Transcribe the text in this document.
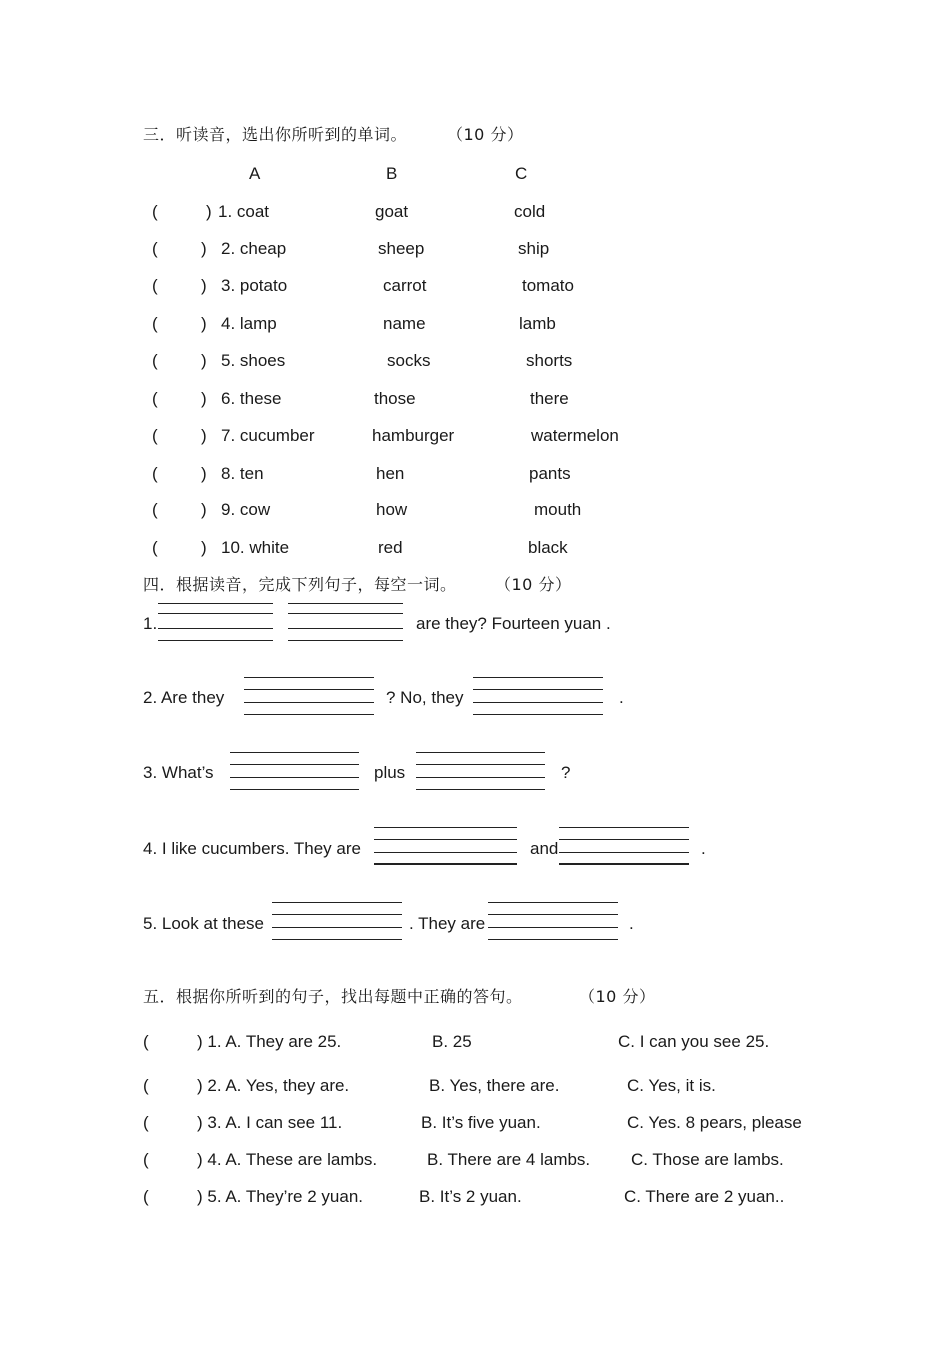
三．听读音，选出你所听到的单词。 （10 分）
A	B	C
(	) 1. coat	goat	cold
(	) 2. cheap	sheep	ship
(	) 3. potato	carrot	tomato
(	) 4. lamp	name	lamb
(	) 5. shoes	socks	shorts
(	) 6. these	those	there
(	) 7. cucumber	hamburger	watermelon
(	) 8. ten	hen	pants
(	) 9. cow	how	mouth
(	) 10. white	red	black
四．根据读音，完成下列句子，每空一词。 （10 分）
1.	are they? Fourteen yuan .
2. Are they	? No, they	.
3. What’s	plus	?
4. I like cucumbers. They are	and	.
5. Look at these	. They are	.
五．根据你所听到的句子，找出每题中正确的答句。	（10 分）
(	) 1. A. They are 25.	B. 25	C. I can you see 25.
(	) 2. A. Yes, they are.	B. Yes, there are.	C. Yes, it is.
(	) 3. A. I can see 11.	B. It’s five yuan.	C. Yes. 8 pears, please
(	) 4. A. These are lambs.	B. There are 4 lambs. C. Those are lambs.
(	) 5. A. They’re 2 yuan.	B. It’s 2 yuan.	C. There are 2 yuan..
